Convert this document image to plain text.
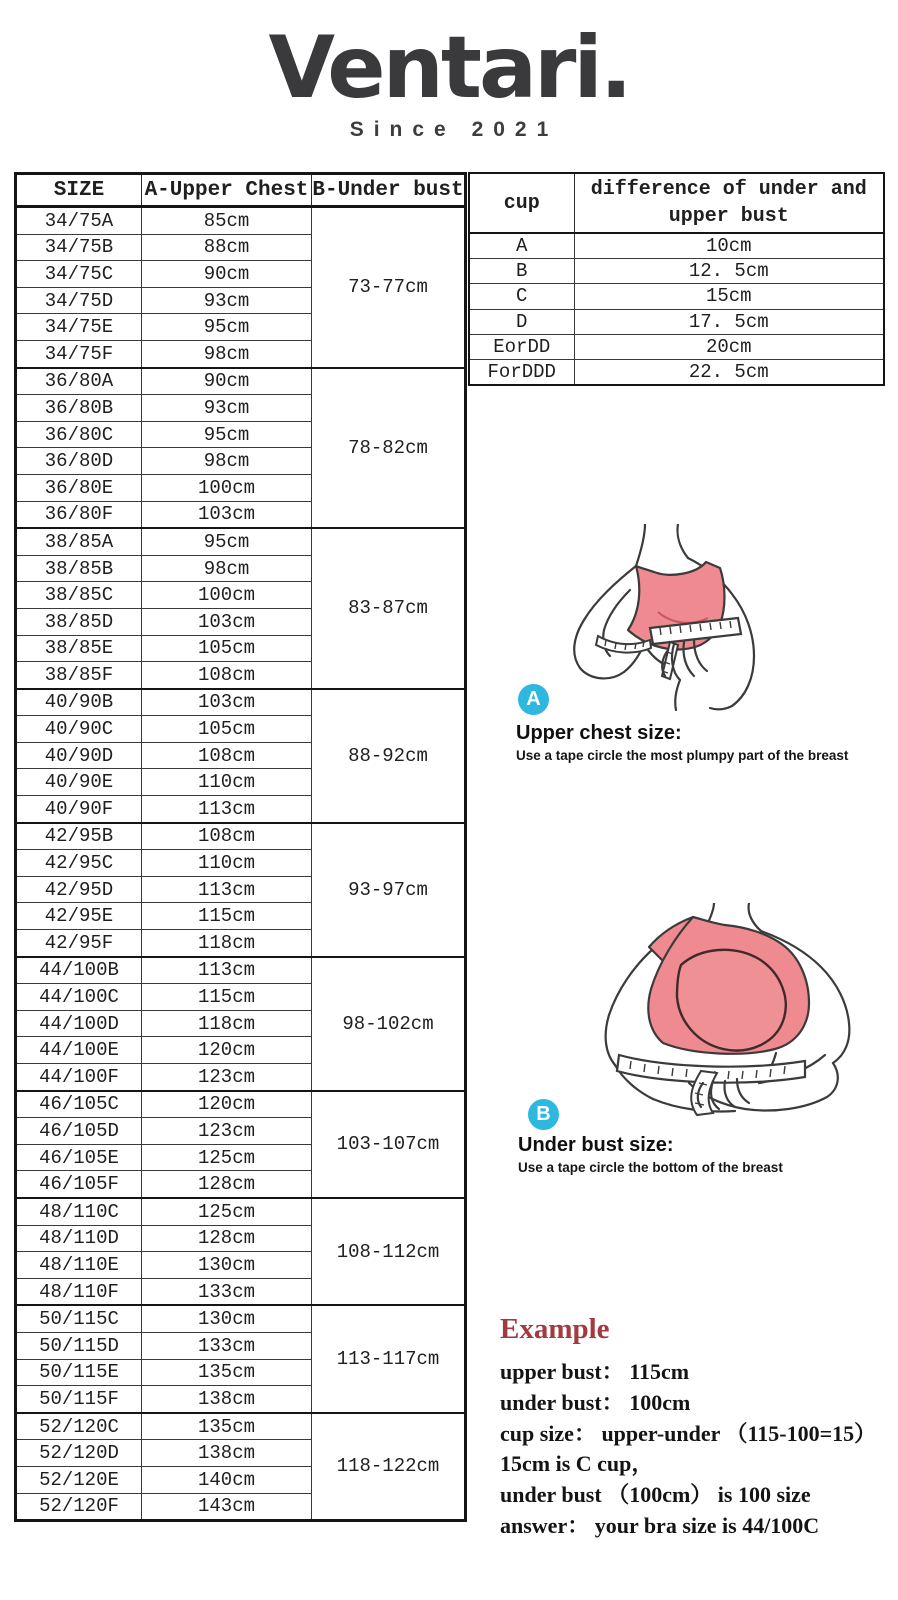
Ventari.
Since 2021
SIZE	A-Upper Chest	B-Under bust
34/75A	85cm	73-77cm
34/75B	88cm	
34/75C	90cm	
34/75D	93cm	
34/75E	95cm	
34/75F	98cm	
36/80A	90cm	78-82cm
36/80B	93cm	
36/80C	95cm	
36/80D	98cm	
36/80E	100cm	
36/80F	103cm	
38/85A	95cm	83-87cm
38/85B	98cm	
38/85C	100cm	
38/85D	103cm	
38/85E	105cm	
38/85F	108cm	
40/90B	103cm	88-92cm
40/90C	105cm	
40/90D	108cm	
40/90E	110cm	
40/90F	113cm	
42/95B	108cm	93-97cm
42/95C	110cm	
42/95D	113cm	
42/95E	115cm	
42/95F	118cm	
44/100B	113cm	98-102cm
44/100C	115cm	
44/100D	118cm	
44/100E	120cm	
44/100F	123cm	
46/105C	120cm	103-107cm
46/105D	123cm	
46/105E	125cm	
46/105F	128cm	
48/110C	125cm	108-112cm
48/110D	128cm	
48/110E	130cm	
48/110F	133cm	
50/115C	130cm	113-117cm
50/115D	133cm	
50/115E	135cm	
50/115F	138cm	
52/120C	135cm	118-122cm
52/120D	138cm	
52/120E	140cm	
52/120F	143cm	
cup	difference of under and upper bust
A	10cm
B	12. 5cm
C	15cm
D	17. 5cm
EorDD	20cm
ForDDD	22. 5cm
A
Upper chest size:
Use a tape circle the most plumpy part of the breast
B
Under bust size:
Use a tape circle the bottom of the breast
Example
upper bust： 115cm
under bust： 100cm
cup size： upper-under （115-100=15）
15cm is C cup，
under bust （100cm） is 100 size
answer： your bra size is 44/100C
